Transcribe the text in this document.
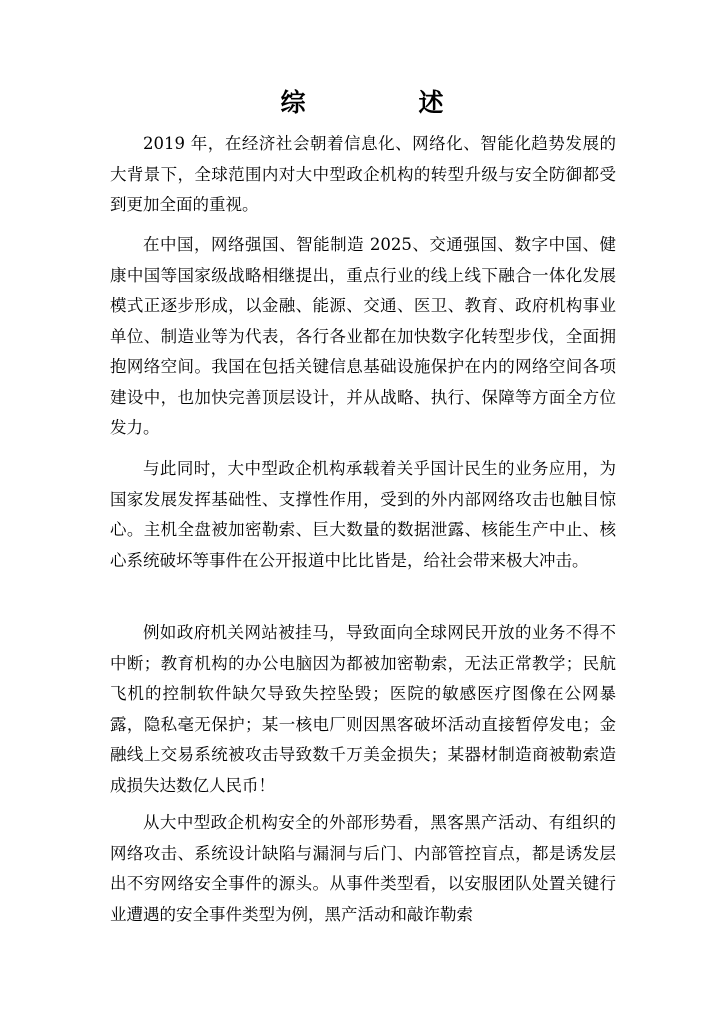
综　述

2019 年，在经济社会朝着信息化、网络化、智能化趋势发展的大背景下，全球范围内对大中型政企机构的转型升级与安全防御都受到更加全面的重视。

在中国，网络强国、智能制造 2025、交通强国、数字中国、健康中国等国家级战略相继提出，重点行业的线上线下融合一体化发展模式正逐步形成，以金融、能源、交通、医卫、教育、政府机构事业单位、制造业等为代表，各行各业都在加快数字化转型步伐，全面拥抱网络空间。我国在包括关键信息基础设施保护在内的网络空间各项建设中，也加快完善顶层设计，并从战略、执行、保障等方面全方位发力。

与此同时，大中型政企机构承载着关乎国计民生的业务应用，为国家发展发挥基础性、支撑性作用，受到的外内部网络攻击也触目惊心。主机全盘被加密勒索、巨大数量的数据泄露、核能生产中止、核心系统破坏等事件在公开报道中比比皆是，给社会带来极大冲击。

例如政府机关网站被挂马，导致面向全球网民开放的业务不得不中断；教育机构的办公电脑因为都被加密勒索，无法正常教学；民航飞机的控制软件缺欠导致失控坠毁；医院的敏感医疗图像在公网暴露，隐私毫无保护；某一核电厂则因黑客破坏活动直接暂停发电；金融线上交易系统被攻击导致数千万美金损失；某器材制造商被勒索造成损失达数亿人民币！

从大中型政企机构安全的外部形势看，黑客黑产活动、有组织的网络攻击、系统设计缺陷与漏洞与后门、内部管控盲点，都是诱发层出不穷网络安全事件的源头。从事件类型看，以安服团队处置关键行业遭遇的安全事件类型为例，黑产活动和敲诈勒索
